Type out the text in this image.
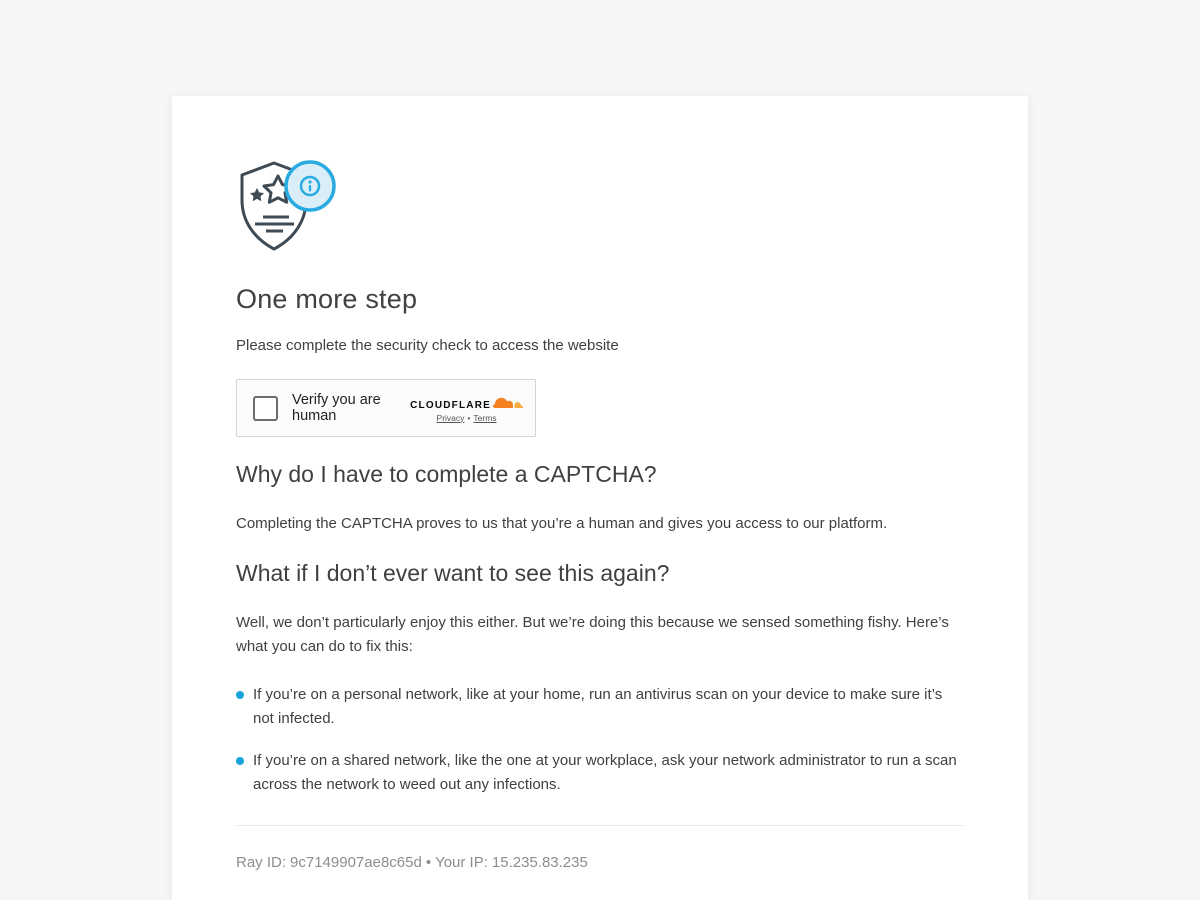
One more step

Please complete the security check to access the website

Verify you are human
CLOUDFLARE
Privacy • Terms
Why do I have to complete a CAPTCHA?

Completing the CAPTCHA proves to us that you’re a human and gives you access to our platform.

What if I don’t ever want to see this again?

Well, we don’t particularly enjoy this either. But we’re doing this because we sensed something fishy. Here’s what you can do to fix this:

If you’re on a personal network, like at your home, run an antivirus scan on your device to make sure it’s not infected.
If you’re on a shared network, like the one at your workplace, ask your network administrator to run a scan across the network to weed out any infections.
Ray ID: 9c7149907ae8c65d • Your IP: 15.235.83.235
